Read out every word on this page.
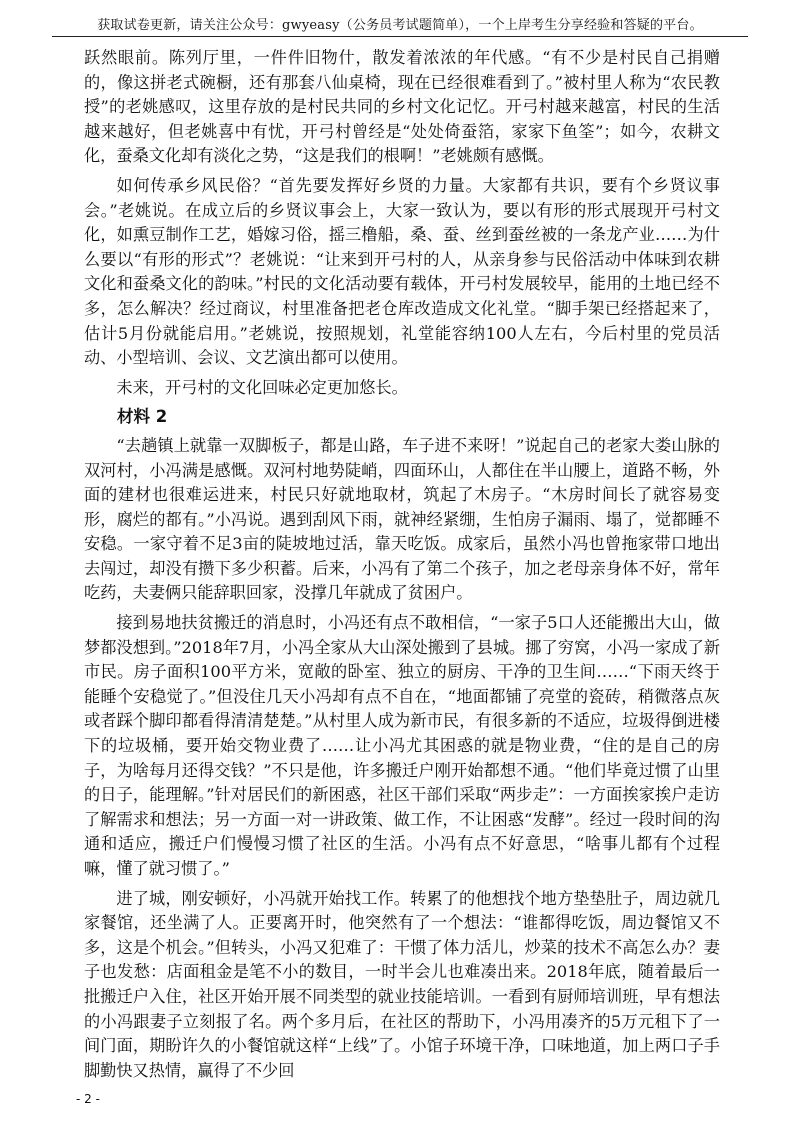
获取试卷更新，请关注公众号：gwyeasy（公务员考试题简单），一个上岸考生分享经验和答疑的平台。

跃然眼前。陈列厅里，一件件旧物什，散发着浓浓的年代感。“有不少是村民自己捐赠的，像这拼老式碗橱，还有那套八仙桌椅，现在已经很难看到了。”被村里人称为“农民教授”的老姚感叹，这里存放的是村民共同的乡村文化记忆。开弓村越来越富，村民的生活越来越好，但老姚喜中有忧，开弓村曾经是“处处倚蚕箔，家家下鱼筌”；如今，农耕文化，蚕桑文化却有淡化之势，“这是我们的根啊！”老姚颇有感慨。

如何传承乡风民俗？“首先要发挥好乡贤的力量。大家都有共识，要有个乡贤议事会。”老姚说。在成立后的乡贤议事会上，大家一致认为，要以有形的形式展现开弓村文化，如熏豆制作工艺，婚嫁习俗，摇三橹船，桑、蚕、丝到蚕丝被的一条龙产业……为什么要以“有形的形式”？老姚说：“让来到开弓村的人，从亲身参与民俗活动中体味到农耕文化和蚕桑文化的韵味。”村民的文化活动要有载体，开弓村发展较早，能用的土地已经不多，怎么解决？经过商议，村里准备把老仓库改造成文化礼堂。“脚手架已经搭起来了，估计5月份就能启用。”老姚说，按照规划，礼堂能容纳100人左右，今后村里的党员活动、小型培训、会议、文艺演出都可以使用。

未来，开弓村的文化回味必定更加悠长。

材料 2

“去趟镇上就靠一双脚板子，都是山路，车子进不来呀！”说起自己的老家大娄山脉的双河村，小冯满是感慨。双河村地势陡峭，四面环山，人都住在半山腰上，道路不畅，外面的建材也很难运进来，村民只好就地取材，筑起了木房子。“木房时间长了就容易变形，腐烂的都有。”小冯说。遇到刮风下雨，就神经紧绷，生怕房子漏雨、塌了，觉都睡不安稳。一家守着不足3亩的陡坡地过活，靠天吃饭。成家后，虽然小冯也曾拖家带口地出去闯过，却没有攒下多少积蓄。后来，小冯有了第二个孩子，加之老母亲身体不好，常年吃药，夫妻俩只能辞职回家，没撑几年就成了贫困户。

接到易地扶贫搬迁的消息时，小冯还有点不敢相信，“一家子5口人还能搬出大山，做梦都没想到。”2018年7月，小冯全家从大山深处搬到了县城。挪了穷窝，小冯一家成了新市民。房子面积100平方米，宽敞的卧室、独立的厨房、干净的卫生间……“下雨天终于能睡个安稳觉了。”但没住几天小冯却有点不自在，“地面都铺了亮堂的瓷砖，稍微落点灰或者踩个脚印都看得清清楚楚。”从村里人成为新市民，有很多新的不适应，垃圾得倒进楼下的垃圾桶，要开始交物业费了……让小冯尤其困惑的就是物业费，“住的是自己的房子，为啥每月还得交钱？”不只是他，许多搬迁户刚开始都想不通。“他们毕竟过惯了山里的日子，能理解。”针对居民们的新困惑，社区干部们采取“两步走”：一方面挨家挨户走访了解需求和想法；另一方面一对一讲政策、做工作，不让困惑“发酵”。经过一段时间的沟通和适应，搬迁户们慢慢习惯了社区的生活。小冯有点不好意思，“啥事儿都有个过程嘛，懂了就习惯了。”

进了城，刚安顿好，小冯就开始找工作。转累了的他想找个地方垫垫肚子，周边就几家餐馆，还坐满了人。正要离开时，他突然有了一个想法：“谁都得吃饭，周边餐馆又不多，这是个机会。”但转头，小冯又犯难了：干惯了体力活儿，炒菜的技术不高怎么办？妻子也发愁：店面租金是笔不小的数目，一时半会儿也难凑出来。2018年底，随着最后一批搬迁户入住，社区开始开展不同类型的就业技能培训。一看到有厨师培训班，早有想法的小冯跟妻子立刻报了名。两个多月后，在社区的帮助下，小冯用凑齐的5万元租下了一间门面，期盼许久的小餐馆就这样“上线”了。小馆子环境干净，口味地道，加上两口子手脚勤快又热情，赢得了不少回

- 2 -
